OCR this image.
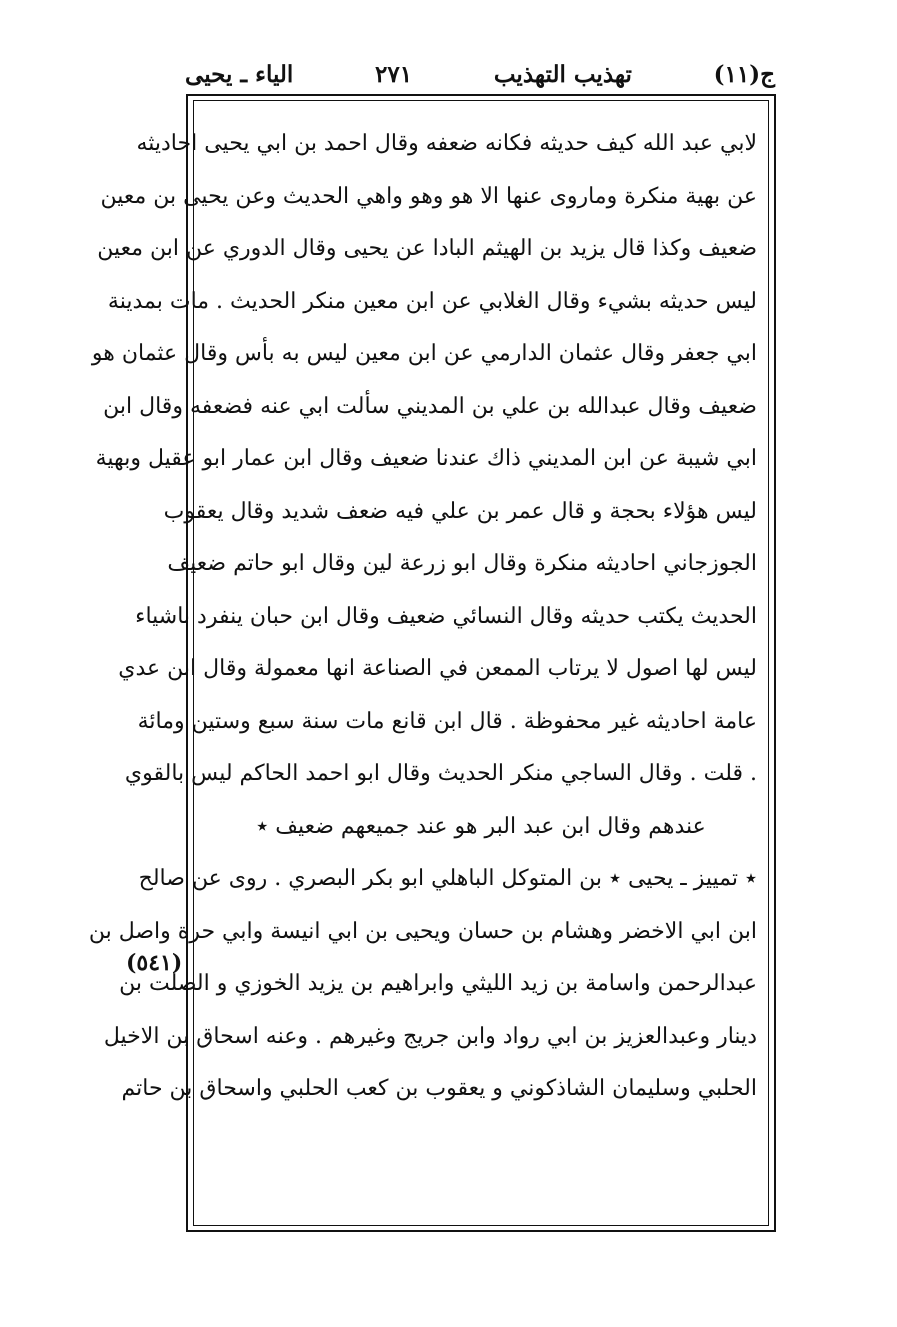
ج(١١)
تهذيب التهذيب
٢٧١
الياء ـ يحيى
لابي عبد الله كيف حديثه فكانه ضعفه وقال احمد بن ابي يحيى احاديثه
عن بهية منكرة وماروى عنها الا هو وهو واهي الحديث وعن يحيى بن معين
ضعيف وكذا قال يزيد بن الهيثم البادا عن يحيى وقال الدوري عن ابن معين
ليس حديثه بشيء وقال الغلابي عن ابن معين منكر الحديث . مات بمدينة
ابي جعفر وقال عثمان الدارمي عن ابن معين ليس به بأس وقال عثمان هو
ضعيف وقال عبدالله بن علي بن المديني سألت ابي عنه فضعفه وقال ابن
ابي شيبة عن ابن المديني ذاك عندنا ضعيف وقال ابن عمار ابو عقيل وبهية
ليس هؤلاء بحجة و قال عمر بن علي فيه ضعف شديد وقال يعقوب
الجوزجاني احاديثه منكرة وقال ابو زرعة لين وقال ابو حاتم ضعيف
الحديث يكتب حديثه وقال النسائي ضعيف وقال ابن حبان ينفرد باشياء
ليس لها اصول لا يرتاب الممعن في الصناعة انها معمولة وقال ابن عدي
عامة احاديثه غير محفوظة . قال ابن قانع مات سنة سبع وستين ومائة
. قلت . وقال الساجي منكر الحديث وقال ابو احمد الحاكم ليس بالقوي
عندهم وقال ابن عبد البر هو عند جميعهم ضعيف ٭
٭ تمييز ـ يحيى ٭ بن المتوكل الباهلي ابو بكر البصري . روى عن صالح
ابن ابي الاخضر وهشام بن حسان ويحيى بن ابي انيسة وابي حرة واصل بن
عبدالرحمن واسامة بن زيد الليثي وابراهيم بن يزيد الخوزي و الصلت بن
دينار وعبدالعزيز بن ابي رواد وابن جريج وغيرهم . وعنه اسحاق بن الاخيل
الحلبي وسليمان الشاذكوني و يعقوب بن كعب الحلبي واسحاق بن حاتم
(٥٤١)
